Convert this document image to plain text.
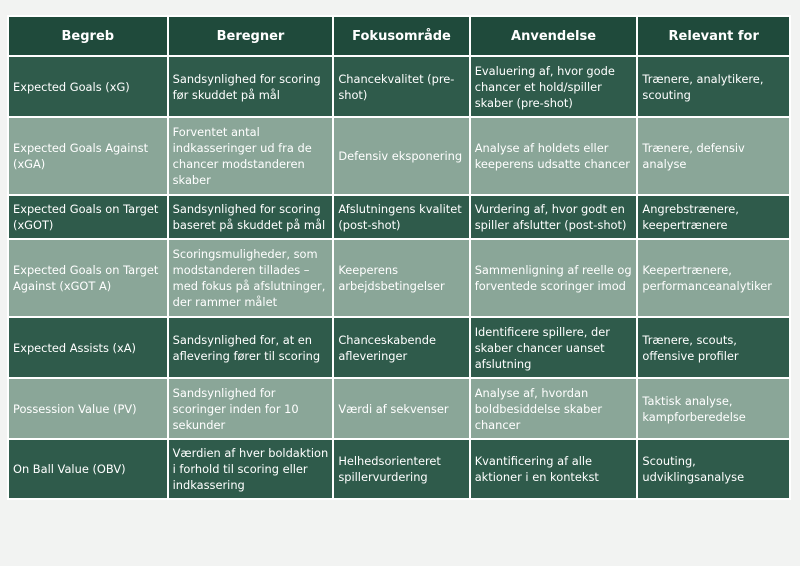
Begreb	Beregner	Fokusområde	Anvendelse	Relevant for
Expected Goals (xG)	Sandsynlighed for scoring før skuddet på mål	Chancekvalitet (pre-shot)	Evaluering af, hvor gode chancer et hold/spiller skaber (pre-shot)	Trænere, analytikere, scouting
Expected Goals Against (xGA)	Forventet antal indkasseringer ud fra de chancer modstanderen skaber	Defensiv eksponering	Analyse af holdets eller keeperens udsatte chancer	Trænere, defensiv analyse
Expected Goals on Target (xGOT)	Sandsynlighed for scoring baseret på skuddet på mål	Afslutningens kvalitet (post-shot)	Vurdering af, hvor godt en spiller afslutter (post-shot)	Angrebstrænere, keepertrænere
Expected Goals on Target Against (xGOT A)	Scoringsmuligheder, som modstanderen tillades – med fokus på afslutninger, der rammer målet	Keeperens arbejdsbetingelser	Sammenligning af reelle og forventede scoringer imod	Keepertrænere, performanceanalytiker
Expected Assists (xA)	Sandsynlighed for, at en aflevering fører til scoring	Chanceskabende afleveringer	Identificere spillere, der skaber chancer uanset afslutning	Trænere, scouts, offensive profiler
Possession Value (PV)	Sandsynlighed for scoringer inden for 10 sekunder	Værdi af sekvenser	Analyse af, hvordan boldbesiddelse skaber chancer	Taktisk analyse, kampforberedelse
On Ball Value (OBV)	Værdien af hver boldaktion i forhold til scoring eller indkassering	Helhedsorienteret spillervurdering	Kvantificering af alle aktioner i en kontekst	Scouting, udviklingsanalyse
